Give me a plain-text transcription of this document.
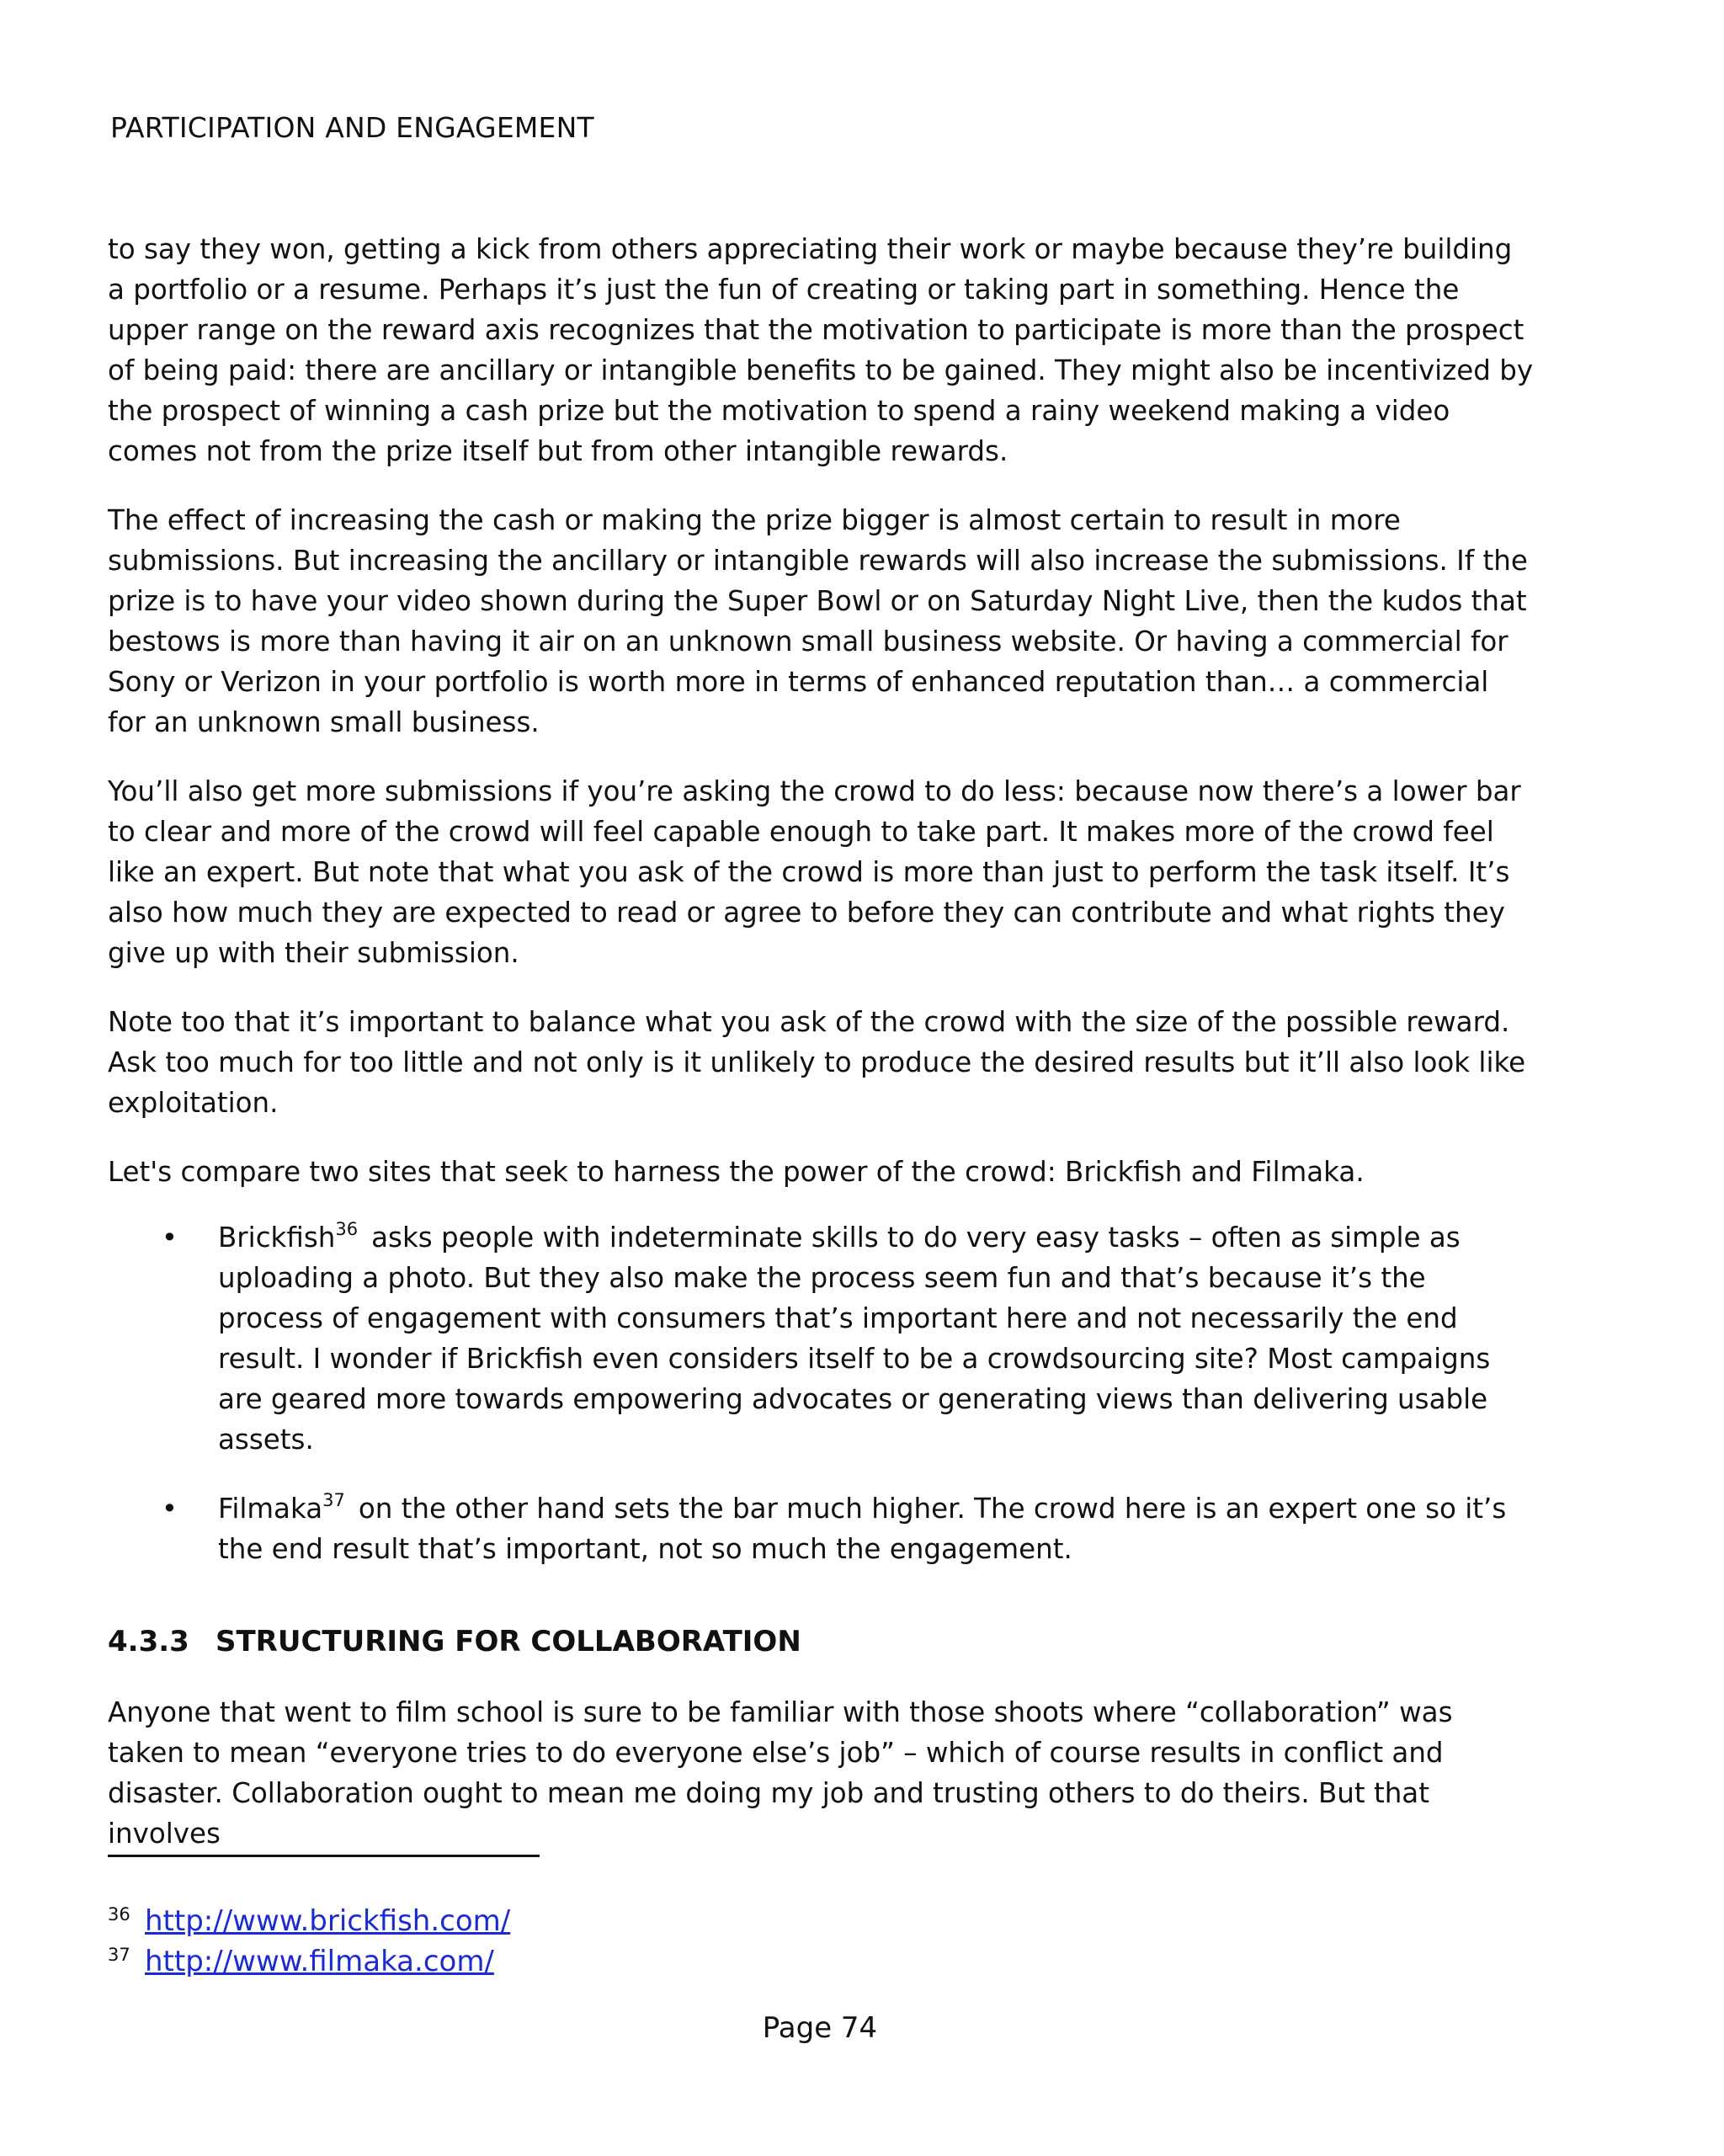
PARTICIPATION AND ENGAGEMENT

to say they won, getting a kick from others appreciating their work or maybe because they’re building a portfolio or a resume. Perhaps it’s just the fun of creating or taking part in something. Hence the upper range on the reward axis recognizes that the motivation to participate is more than the prospect of being paid: there are ancillary or intangible benefits to be gained. They might also be incentivized by the prospect of winning a cash prize but the motivation to spend a rainy weekend making a video comes not from the prize itself but from other intangible rewards.

The effect of increasing the cash or making the prize bigger is almost certain to result in more submissions. But increasing the ancillary or intangible rewards will also increase the submissions. If the prize is to have your video shown during the Super Bowl or on Saturday Night Live, then the kudos that bestows is more than having it air on an unknown small business website. Or having a commercial for Sony or Verizon in your portfolio is worth more in terms of enhanced reputation than… a commercial for an unknown small business.

You’ll also get more submissions if you’re asking the crowd to do less: because now there’s a lower bar to clear and more of the crowd will feel capable enough to take part. It makes more of the crowd feel like an expert. But note that what you ask of the crowd is more than just to perform the task itself. It’s also how much they are expected to read or agree to before they can contribute and what rights they give up with their submission.

Note too that it’s important to balance what you ask of the crowd with the size of the possible reward. Ask too much for too little and not only is it unlikely to produce the desired results but it’ll also look like exploitation.

Let's compare two sites that seek to harness the power of the crowd: Brickfish and Filmaka.

• Brickfish$^{36}$ asks people with indeterminate skills to do very easy tasks – often as simple as uploading a photo. But they also make the process seem fun and that’s because it’s the process of engagement with consumers that’s important here and not necessarily the end result. I wonder if Brickfish even considers itself to be a crowdsourcing site? Most campaigns are geared more towards empowering advocates or generating views than delivering usable assets.
• Filmaka$^{37}$ on the other hand sets the bar much higher. The crowd here is an expert one so it’s the end result that’s important, not so much the engagement.
4.3.3 STRUCTURING FOR COLLABORATION

Anyone that went to film school is sure to be familiar with those shoots where “collaboration” was taken to mean “everyone tries to do everyone else’s job” – which of course results in conflict and disaster. Collaboration ought to mean me doing my job and trusting others to do theirs. But that involves

36 http://www.brickfish.com/
37 http://www.filmaka.com/
Page 74
